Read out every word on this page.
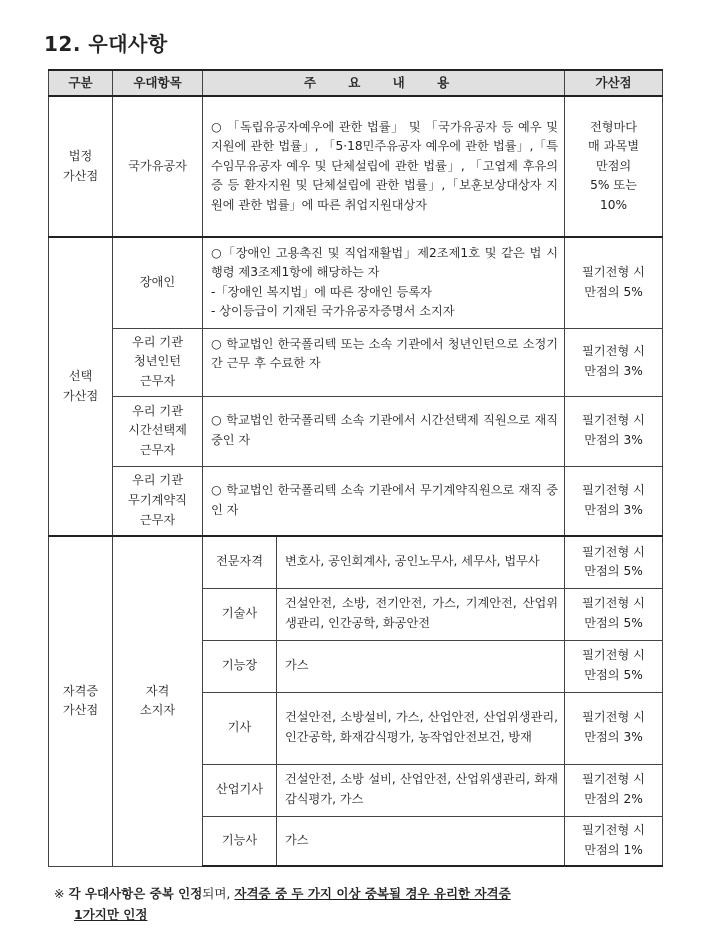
12. 우대사항
구분	우대항목	주 요 내 용		가산점
법정
가산점	국가유공자	○ 「독립유공자예우에 관한 법률」 및 「국가유공자 등 예우 및 지원에 관한 법률」, 「5·18민주유공자 예우에 관한 법률」,「특수임무유공자 예우 및 단체설립에 관한 법률」, 「고엽제 후유의증 등 환자지원 및 단체설립에 관한 법률」,「보훈보상대상자 지원에 관한 법률」에 따른 취업지원대상자		전형마다
매 과목별
만점의
5% 또는
10%
선택
가산점	장애인	○「장애인 고용촉진 및 직업재활법」제2조제1호 및 같은 법 시행령 제3조제1항에 해당하는 자
-「장애인 복지법」에 따른 장애인 등록자
- 상이등급이 기재된 국가유공자증명서 소지자		필기전형 시
만점의 5%
	우리 기관
청년인턴
근무자	○ 학교법인 한국폴리텍 또는 소속 기관에서 청년인턴으로 소정기간 근무 후 수료한 자		필기전형 시
만점의 3%
	우리 기관
시간선택제
근무자	○ 학교법인 한국폴리텍 소속 기관에서 시간선택제 직원으로 재직 중인 자		필기전형 시
만점의 3%
	우리 기관
무기계약직
근무자	○ 학교법인 한국폴리텍 소속 기관에서 무기계약직원으로 재직 중인 자		필기전형 시
만점의 3%
자격증
가산점	자격
소지자	전문자격	변호사, 공인회계사, 공인노무사, 세무사, 법무사	필기전형 시
만점의 5%
		기술사	건설안전, 소방, 전기안전, 가스, 기계안전, 산업위생관리, 인간공학, 화공안전	필기전형 시
만점의 5%
		기능장	가스	필기전형 시
만점의 5%
		기사	건설안전, 소방설비, 가스, 산업안전, 산업위생관리, 인간공학, 화재감식평가, 농작업안전보건, 방재	필기전형 시
만점의 3%
		산업기사	건설안전, 소방 설비, 산업안전, 산업위생관리, 화재감식평가, 가스	필기전형 시
만점의 2%
		기능사	가스	필기전형 시
만점의 1%
※ 각 우대사항은 중복 인정되며, 자격증 중 두 가지 이상 중복될 경우 유리한 자격증
1가지만 인정
